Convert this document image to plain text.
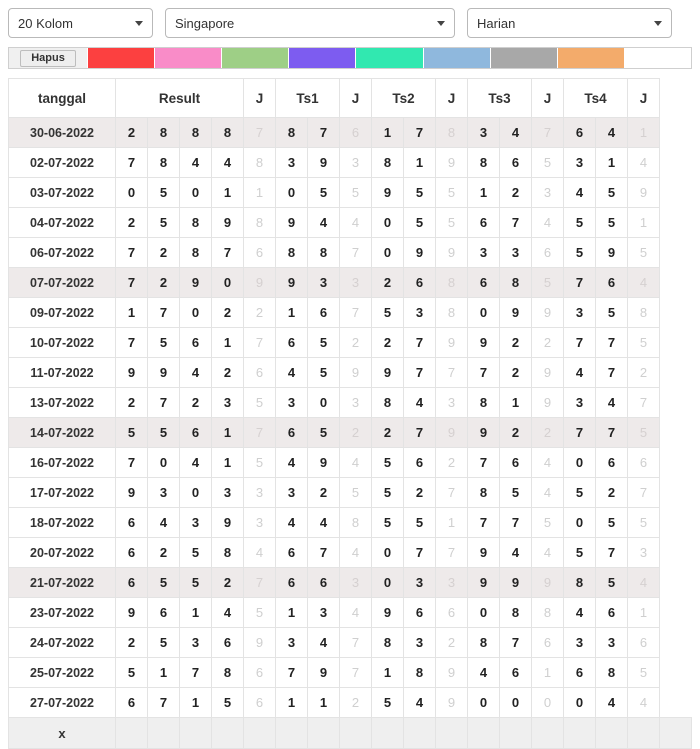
20 Kolom	Singapore	Harian
Hapus
tanggal	Result				J	Ts1		J	Ts2		J	Ts3		J	Ts4		J	
30-06-2022	2	8	8	8	7	8	7	6	1	7	8	3	4	7	6	4	1	
02-07-2022	7	8	4	4	8	3	9	3	8	1	9	8	6	5	3	1	4	
03-07-2022	0	5	0	1	1	0	5	5	9	5	5	1	2	3	4	5	9	
04-07-2022	2	5	8	9	8	9	4	4	0	5	5	6	7	4	5	5	1	
06-07-2022	7	2	8	7	6	8	8	7	0	9	9	3	3	6	5	9	5	
07-07-2022	7	2	9	0	9	9	3	3	2	6	8	6	8	5	7	6	4	
09-07-2022	1	7	0	2	2	1	6	7	5	3	8	0	9	9	3	5	8	
10-07-2022	7	5	6	1	7	6	5	2	2	7	9	9	2	2	7	7	5	
11-07-2022	9	9	4	2	6	4	5	9	9	7	7	7	2	9	4	7	2	
13-07-2022	2	7	2	3	5	3	0	3	8	4	3	8	1	9	3	4	7	
14-07-2022	5	5	6	1	7	6	5	2	2	7	9	9	2	2	7	7	5	
16-07-2022	7	0	4	1	5	4	9	4	5	6	2	7	6	4	0	6	6	
17-07-2022	9	3	0	3	3	3	2	5	5	2	7	8	5	4	5	2	7	
18-07-2022	6	4	3	9	3	4	4	8	5	5	1	7	7	5	0	5	5	
20-07-2022	6	2	5	8	4	6	7	4	0	7	7	9	4	4	5	7	3	
21-07-2022	6	5	5	2	7	6	6	3	0	3	3	9	9	9	8	5	4	
23-07-2022	9	6	1	4	5	1	3	4	9	6	6	0	8	8	4	6	1	
24-07-2022	2	5	3	6	9	3	4	7	8	3	2	8	7	6	3	3	6	
25-07-2022	5	1	7	8	6	7	9	7	1	8	9	4	6	1	6	8	5	
27-07-2022	6	7	1	5	6	1	1	2	5	4	9	0	0	0	0	4	4	
x																		
